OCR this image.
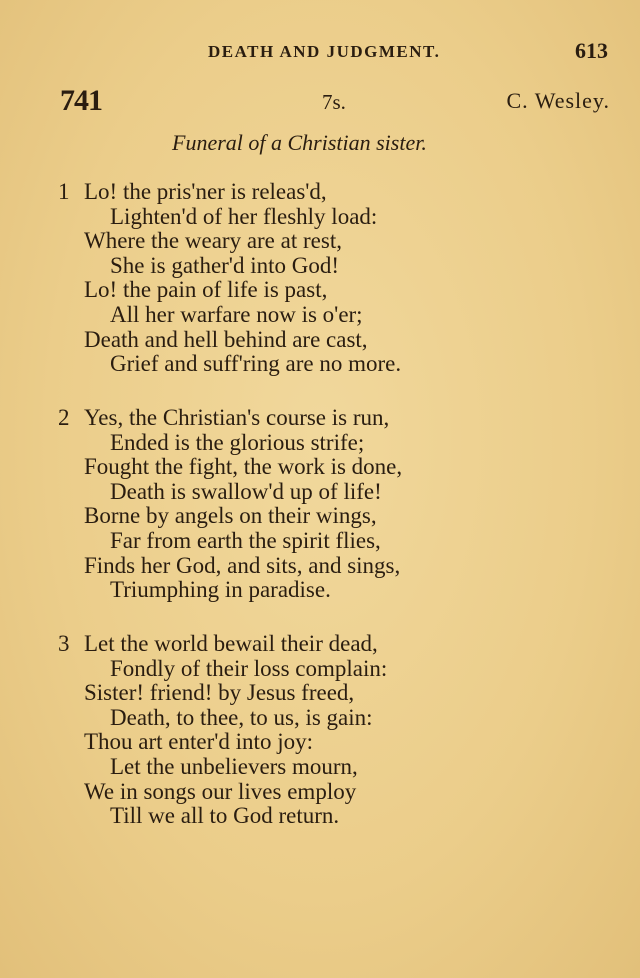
DEATH AND JUDGMENT.	613
741	7s.	C. Wesley.
Funeral of a Christian sister.
1 Lo! the pris'ner is releas'd,
Lighten'd of her fleshly load:
Where the weary are at rest,
She is gather'd into God!
Lo! the pain of life is past,
All her warfare now is o'er;
Death and hell behind are cast,
Grief and suff'ring are no more.
2 Yes, the Christian's course is run,
Ended is the glorious strife;
Fought the fight, the work is done,
Death is swallow'd up of life!
Borne by angels on their wings,
Far from earth the spirit flies,
Finds her God, and sits, and sings,
Triumphing in paradise.
3 Let the world bewail their dead,
Fondly of their loss complain:
Sister! friend! by Jesus freed,
Death, to thee, to us, is gain:
Thou art enter'd into joy:
Let the unbelievers mourn,
We in songs our lives employ
Till we all to God return.
